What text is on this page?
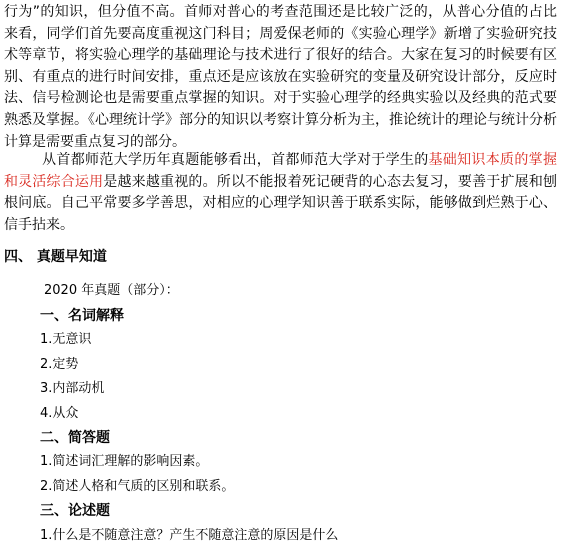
行为”的知识，但分值不高。首师对普心的考查范围还是比较广泛的，从普心分值的占比来看，同学们首先要高度重视这门科目；周爱保老师的《实验心理学》新增了实验研究技术等章节，将实验心理学的基础理论与技术进行了很好的结合。大家在复习的时候要有区别、有重点的进行时间安排，重点还是应该放在实验研究的变量及研究设计部分，反应时法、信号检测论也是需要重点掌握的知识。对于实验心理学的经典实验以及经典的范式要熟悉及掌握。《心理统计学》部分的知识以考察计算分析为主，推论统计的理论与统计分析计算是需要重点复习的部分。

从首都师范大学历年真题能够看出，首都师范大学对于学生的基础知识本质的掌握和灵活综合运用是越来越重视的。所以不能报着死记硬背的心态去复习，要善于扩展和刨根问底。自己平常要多学善思，对相应的心理学知识善于联系实际，能够做到烂熟于心、信手拈来。

四、 真题早知道
2020 年真题（部分）：
一、名词解释
1.无意识
2.定势
3.内部动机
4.从众
二、简答题
1.简述词汇理解的影响因素。
2.简述人格和气质的区别和联系。
三、论述题
1.什么是不随意注意？产生不随意注意的原因是什么
